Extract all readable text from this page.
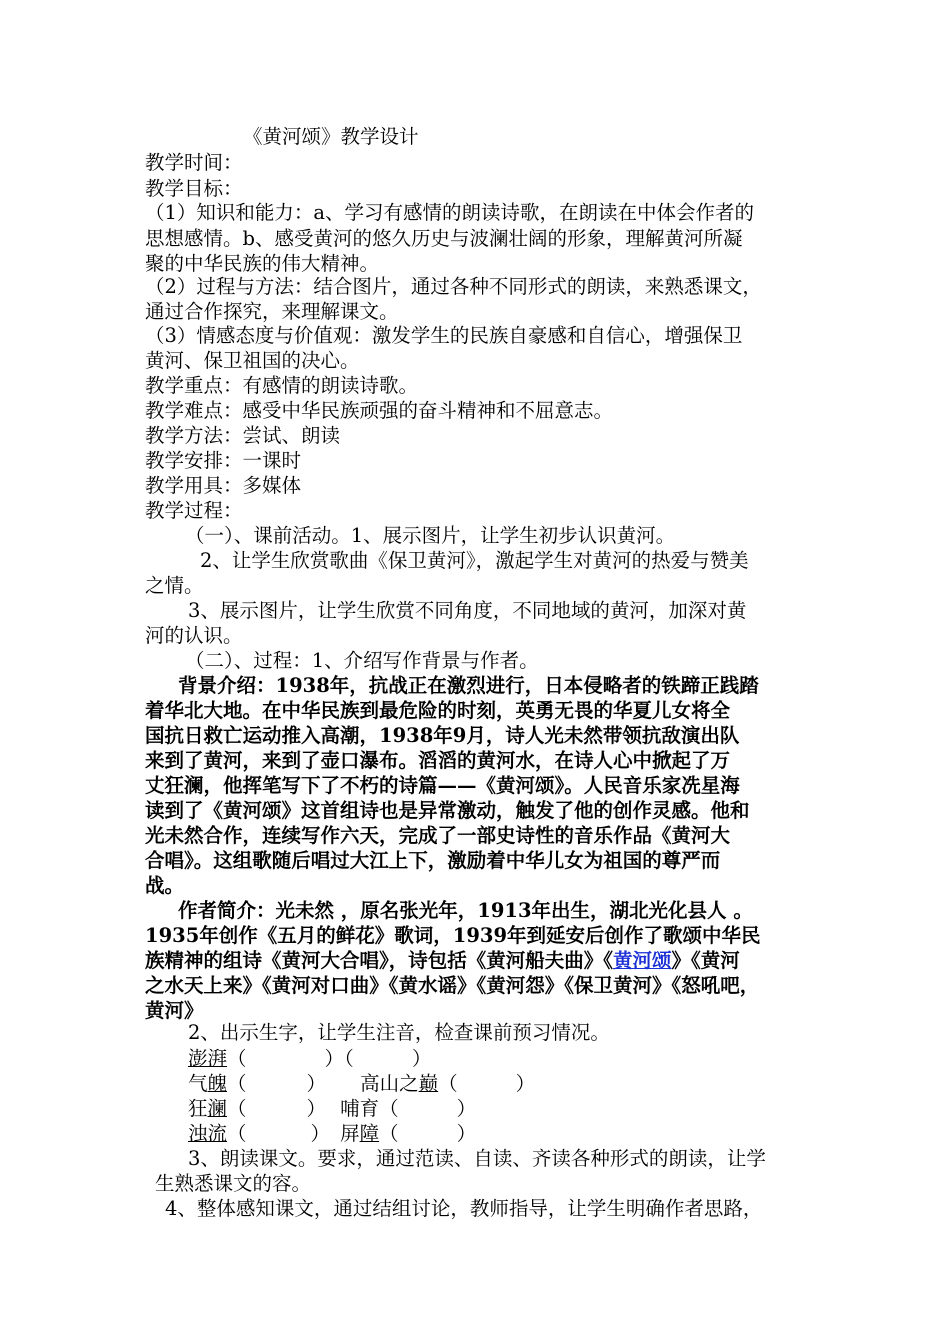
《黄河颂》教学设计
教学时间：
教学目标：
（1）知识和能力：a、学习有感情的朗读诗歌，在朗读在中体会作者的
思想感情。b、感受黄河的悠久历史与波澜壮阔的形象，理解黄河所凝
聚的中华民族的伟大精神。
（2）过程与方法：结合图片，通过各种不同形式的朗读，来熟悉课文，
通过合作探究，来理解课文。
（3）情感态度与价值观：激发学生的民族自豪感和自信心，增强保卫
黄河、保卫祖国的决心。
教学重点：有感情的朗读诗歌。
教学难点：感受中华民族顽强的奋斗精神和不屈意志。
教学方法：尝试、朗读
教学安排：一课时
教学用具：多媒体
教学过程：
（一）、课前活动。1、展示图片，让学生初步认识黄河。
2、让学生欣赏歌曲《保卫黄河》，激起学生对黄河的热爱与赞美
之情。
3、展示图片，让学生欣赏不同角度，不同地域的黄河，加深对黄
河的认识。
（二）、过程：1、介绍写作背景与作者。
背景介绍：1938年，抗战正在激烈进行，日本侵略者的铁蹄正践踏
着华北大地。在中华民族到最危险的时刻，英勇无畏的华夏儿女将全
国抗日救亡运动推入高潮，1938年9月，诗人光未然带领抗敌演出队
来到了黄河，来到了壶口瀑布。滔滔的黄河水，在诗人心中掀起了万
丈狂澜，他挥笔写下了不朽的诗篇——《黄河颂》。人民音乐家冼星海
读到了《黄河颂》这首组诗也是异常激动，触发了他的创作灵感。他和
光未然合作，连续写作六天，完成了一部史诗性的音乐作品《黄河大
合唱》。这组歌随后唱过大江上下，激励着中华儿女为祖国的尊严而
战。
作者简介：光未然 ，原名张光年，1913年出生，湖北光化县人 。
1935年创作《五月的鲜花》歌词，1939年到延安后创作了歌颂中华民
族精神的组诗《黄河大合唱》，诗包括《黄河船夫曲》《黄河颂》《黄河
之水天上来》《黄河对口曲》《黄水谣》《黄河怨》《保卫黄河》《怒吼吧，
黄河》
2、出示生字，让学生注音，检查课前预习情况。
澎湃（	）（	）
气魄（	） 高山之巅（	）
狂澜（	） 哺育（	）
浊流（	） 屏障（	）
3、朗读课文。要求，通过范读、自读、齐读各种形式的朗读，让学
生熟悉课文的容。
4、整体感知课文，通过结组讨论，教师指导，让学生明确作者思路，
